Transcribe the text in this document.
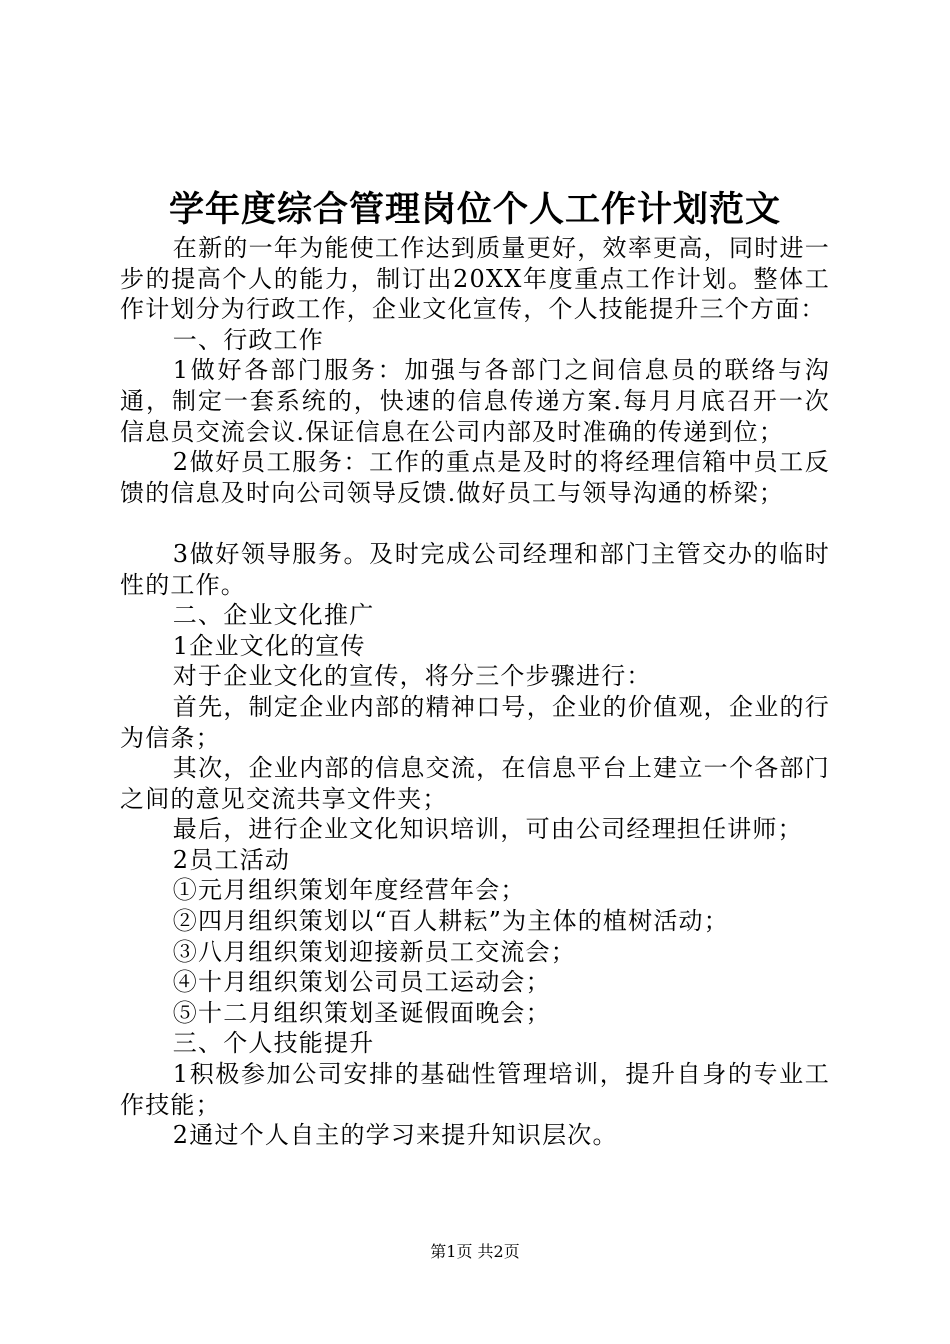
学年度综合管理岗位个人工作计划范文

在新的一年为能使工作达到质量更好，效率更高，同时进一步的提高个人的能力，制订出20XX年度重点工作计划。整体工作计划分为行政工作，企业文化宣传，个人技能提升三个方面：

一、行政工作

1做好各部门服务：加强与各部门之间信息员的联络与沟通，制定一套系统的，快速的信息传递方案.每月月底召开一次信息员交流会议.保证信息在公司内部及时准确的传递到位；

2做好员工服务：工作的重点是及时的将经理信箱中员工反馈的信息及时向公司领导反馈.做好员工与领导沟通的桥梁；

3做好领导服务。及时完成公司经理和部门主管交办的临时性的工作。

二、企业文化推广

1企业文化的宣传

对于企业文化的宣传，将分三个步骤进行：

首先，制定企业内部的精神口号，企业的价值观，企业的行为信条；

其次，企业内部的信息交流，在信息平台上建立一个各部门之间的意见交流共享文件夹；

最后，进行企业文化知识培训，可由公司经理担任讲师；

2员工活动

①元月组织策划年度经营年会；

②四月组织策划以“百人耕耘”为主体的植树活动；

③八月组织策划迎接新员工交流会；

④十月组织策划公司员工运动会；

⑤十二月组织策划圣诞假面晚会；

三、个人技能提升

1积极参加公司安排的基础性管理培训，提升自身的专业工作技能；

2通过个人自主的学习来提升知识层次。

第1页 共2页
